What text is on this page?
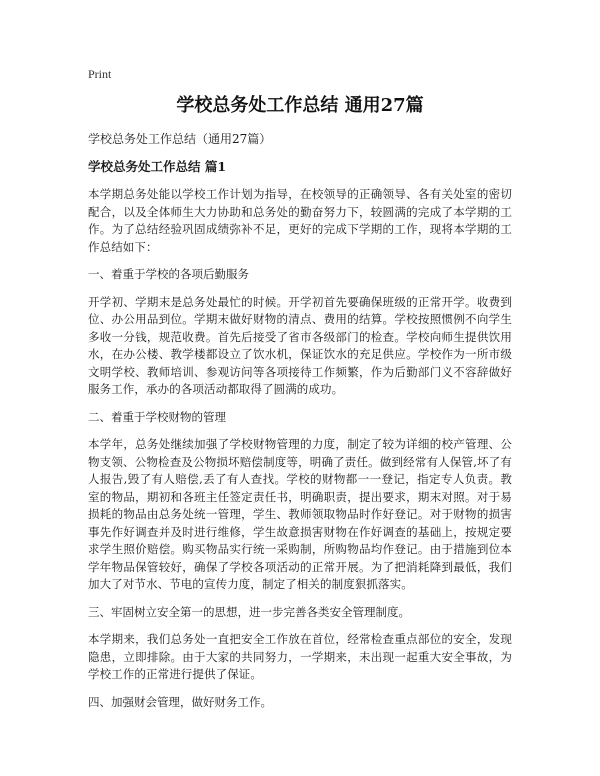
Print
学校总务处工作总结 通用27篇
学校总务处工作总结（通用27篇）
学校总务处工作总结 篇1

本学期总务处能以学校工作计划为指导，在校领导的正确领导、各有关处室的密切配合，以及全体师生大力协助和总务处的勤奋努力下，较圆满的完成了本学期的工作。为了总结经验巩固成绩弥补不足，更好的完成下学期的工作，现将本学期的工作总结如下：

一、着重于学校的各项后勤服务

开学初、学期末是总务处最忙的时候。开学初首先要确保班级的正常开学。收费到位、办公用品到位。学期末做好财物的清点、费用的结算。学校按照惯例不向学生多收一分钱，规范收费。首先后接受了省市各级部门的检查。学校向师生提供饮用水，在办公楼、教学楼都设立了饮水机，保证饮水的充足供应。学校作为一所市级文明学校、教师培训、参观访问等各项接待工作频繁，作为后勤部门义不容辞做好服务工作，承办的各项活动都取得了圆满的成功。

二、着重于学校财物的管理

本学年，总务处继续加强了学校财物管理的力度，制定了较为详细的校产管理、公物支领、公物检查及公物损坏赔偿制度等，明确了责任。做到经常有人保管,坏了有人报告,毁了有人赔偿,丢了有人查找。学校的财物都一一登记，指定专人负责。教室的物品，期初和各班主任签定责任书，明确职责，提出要求，期末对照。对于易损耗的物品由总务处统一管理，学生、教师领取物品时作好登记。对于财物的损害事先作好调查并及时进行维修，学生故意损害财物在作好调查的基础上，按规定要求学生照价赔偿。购买物品实行统一采购制，所购物品均作登记。由于措施到位本学年物品保管较好，确保了学校各项活动的正常开展。为了把消耗降到最低，我们加大了对节水、节电的宣传力度，制定了相关的制度狠抓落实。

三、牢固树立安全第一的思想，进一步完善各类安全管理制度。

本学期来，我们总务处一直把安全工作放在首位，经常检查重点部位的安全，发现隐患，立即排除。由于大家的共同努力，一学期来，未出现一起重大安全事故，为学校工作的正常进行提供了保证。

四、加强财会管理，做好财务工作。
